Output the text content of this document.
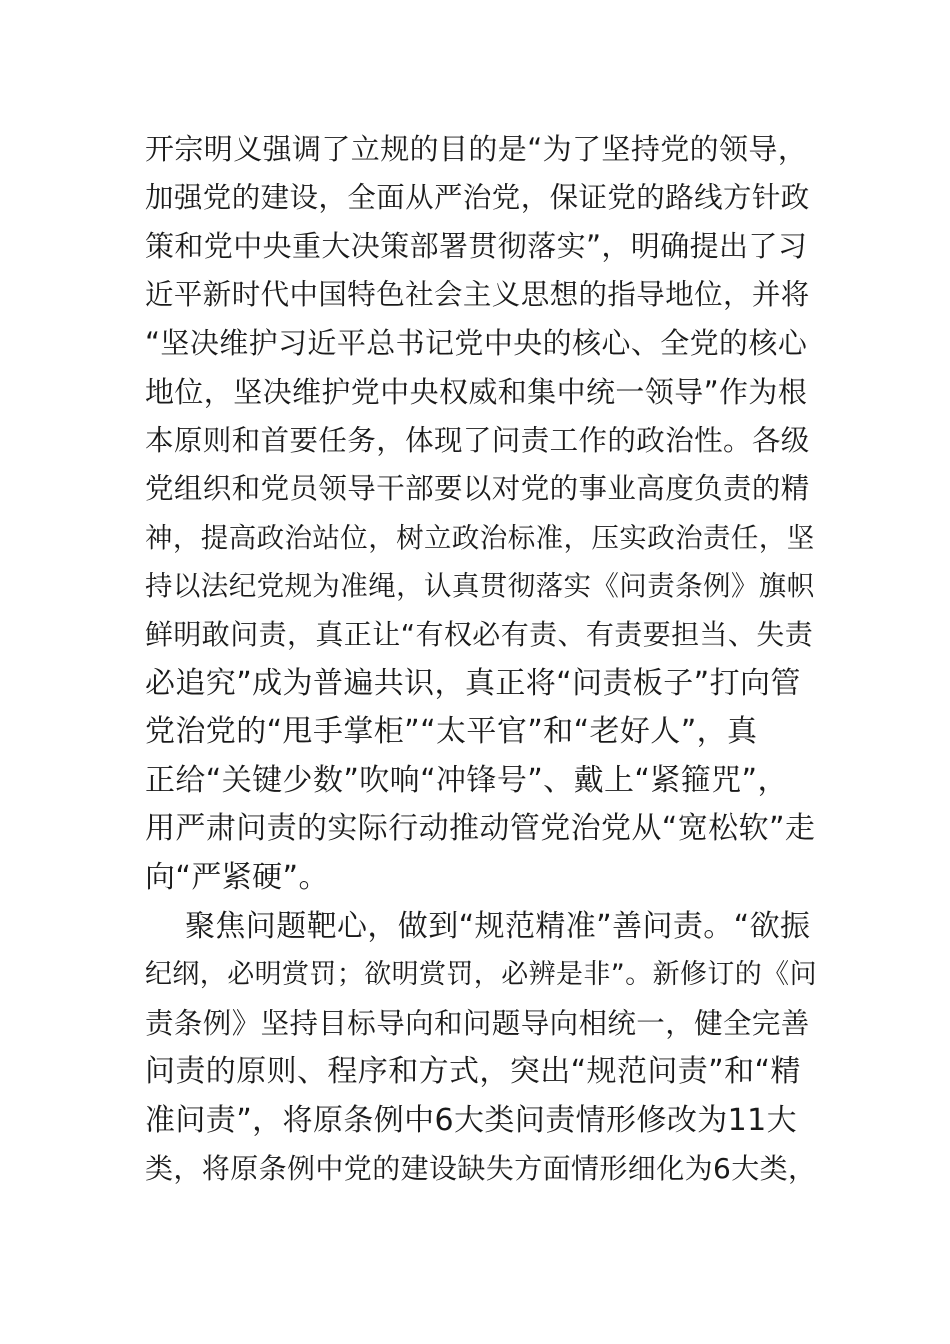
开宗明义强调了立规的目的是“为了坚持党的领导，
加强党的建设，全面从严治党，保证党的路线方针政
策和党中央重大决策部署贯彻落实”，明确提出了习
近平新时代中国特色社会主义思想的指导地位，并将
“坚决维护习近平总书记党中央的核心、全党的核心
地位，坚决维护党中央权威和集中统一领导”作为根
本原则和首要任务，体现了问责工作的政治性。各级
党组织和党员领导干部要以对党的事业高度负责的精
神，提高政治站位，树立政治标准，压实政治责任，坚
持以法纪党规为准绳，认真贯彻落实《问责条例》旗帜
鲜明敢问责，真正让“有权必有责、有责要担当、失责
必追究”成为普遍共识，真正将“问责板子”打向管
党治党的“甩手掌柜”“太平官”和“老好人”，真
正给“关键少数”吹响“冲锋号”、戴上“紧箍咒”，
用严肃问责的实际行动推动管党治党从“宽松软”走
向“严紧硬”。
聚焦问题靶心，做到“规范精准”善问责。“欲振
纪纲，必明赏罚；欲明赏罚，必辨是非”。新修订的《问
责条例》坚持目标导向和问题导向相统一，健全完善
问责的原则、程序和方式，突出“规范问责”和“精
准问责”，将原条例中6大类问责情形修改为11大
类，将原条例中党的建设缺失方面情形细化为6大类，
